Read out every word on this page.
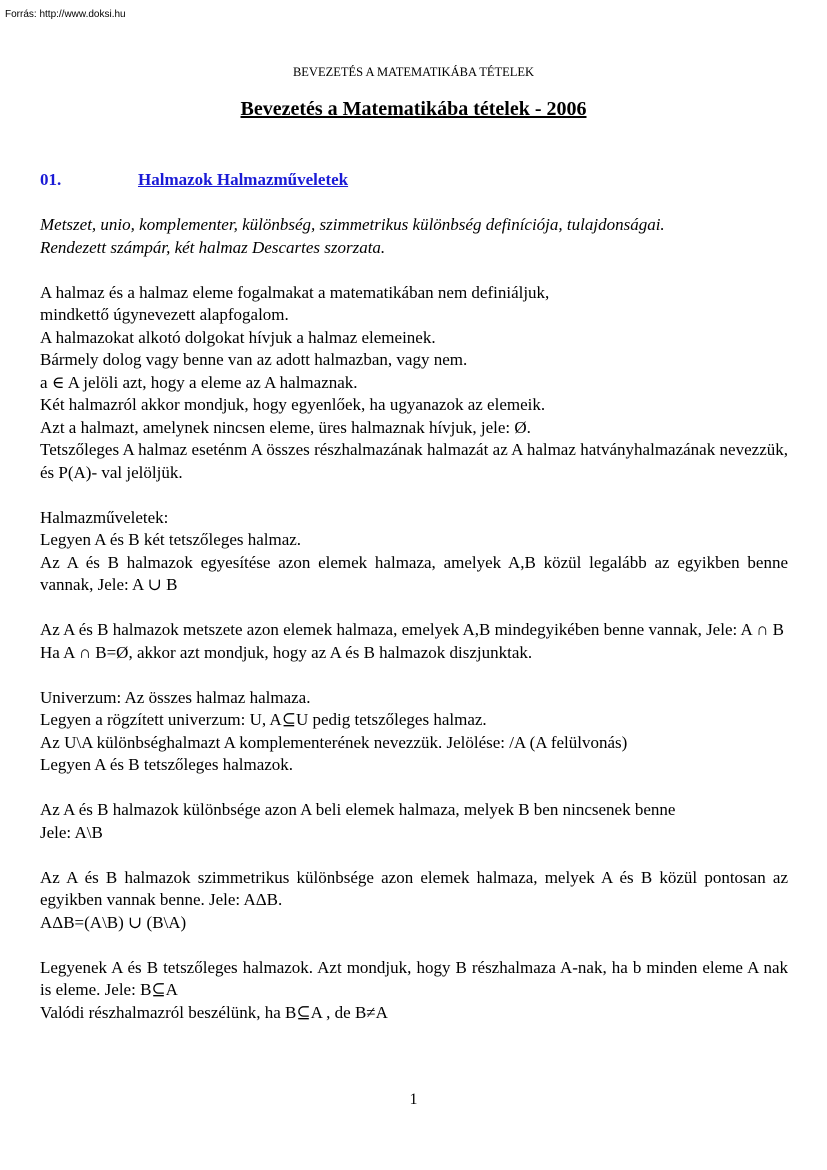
Forrás: http://www.doksi.hu
BEVEZETÉS A MATEMATIKÁBA TÉTELEK
Bevezetés a Matematikába tételek - 2006
01.	Halmazok Halmazműveletek

Metszet, unio, komplementer, különbség, szimmetrikus különbség definíciója, tulajdonságai.

Rendezett számpár, két halmaz Descartes szorzata.

A halmaz és a halmaz eleme fogalmakat a matematikában nem definiáljuk,

mindkettő úgynevezett alapfogalom.

A halmazokat alkotó dolgokat hívjuk a halmaz elemeinek.

Bármely dolog vagy benne van az adott halmazban, vagy nem.

a ∈ A jelöli azt, hogy a eleme az A halmaznak.

Két halmazról akkor mondjuk, hogy egyenlőek, ha ugyanazok az elemeik.

Azt a halmazt, amelynek nincsen eleme, üres halmaznak hívjuk, jele: Ø.

Tetszőleges A halmaz eseténm A összes részhalmazának halmazát az A halmaz hatványhalmazának nevezzük, és P(A)- val jelöljük.

Halmazműveletek:

Legyen A és B két tetszőleges halmaz.

Az A és B halmazok egyesítése azon elemek halmaza, amelyek A,B közül legalább az egyikben benne vannak, Jele: A ∪ B

Az A és B halmazok metszete azon elemek halmaza, emelyek A,B mindegyikében benne vannak, Jele: A ∩ B

Ha A ∩ B=Ø, akkor azt mondjuk, hogy az A és B halmazok diszjunktak.

Univerzum: Az összes halmaz halmaza.

Legyen a rögzített univerzum: U, A⊆U pedig tetszőleges halmaz.

Az U\A különbséghalmazt A komplementerének nevezzük. Jelölése: /A (A felülvonás)

Legyen A és B tetszőleges halmazok.

Az A és B halmazok különbsége azon A beli elemek halmaza, melyek B ben nincsenek benne

Jele: A\B

Az A és B halmazok szimmetrikus különbsége azon elemek halmaza, melyek A és B közül pontosan az egyikben vannak benne. Jele: AΔB.

AΔB=(A\B) ∪ (B\A)

Legyenek A és B tetszőleges halmazok. Azt mondjuk, hogy B részhalmaza A-nak, ha b minden eleme A nak is eleme. Jele: B⊆A

Valódi részhalmazról beszélünk, ha B⊆A , de B≠A

1
